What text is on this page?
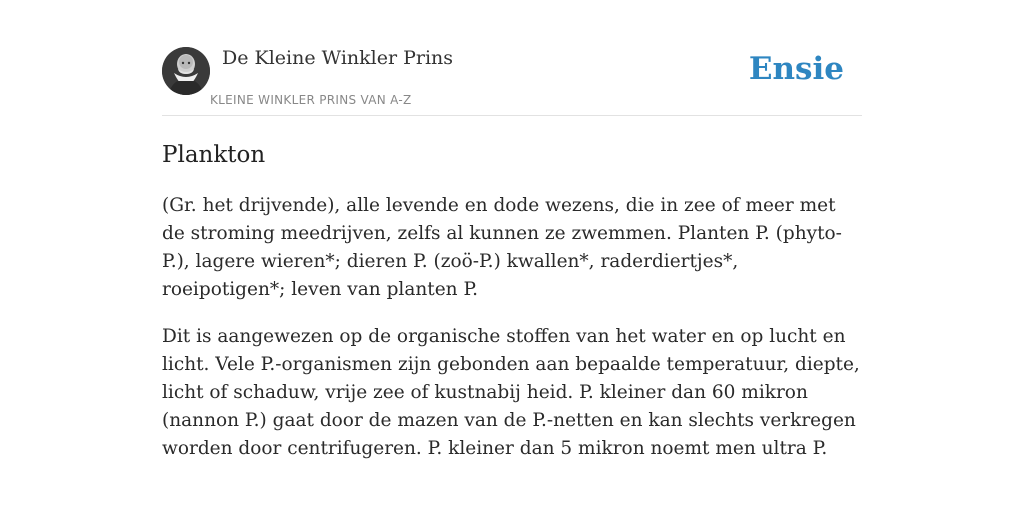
De Kleine Winkler Prins
KLEINE WINKLER PRINS VAN A-Z
Ensie
Plankton

(Gr. het drijvende), alle levende en dode wezens, die in zee of meer met de stroming meedrijven, zelfs al kunnen ze zwemmen. Planten P. (phyto-P.), lagere wieren*; dieren P. (zoö-P.) kwallen*, raderdiertjes*, roeipotigen*; leven van planten P.

Dit is aangewezen op de organische stoffen van het water en op lucht en licht. Vele P.-organismen zijn gebonden aan bepaalde temperatuur, diepte, licht of schaduw, vrije zee of kustnabij heid. P. kleiner dan 60 mikron (nannon P.) gaat door de mazen van de P.-netten en kan slechts verkregen worden door centrifugeren. P. kleiner dan 5 mikron noemt men ultra P.
